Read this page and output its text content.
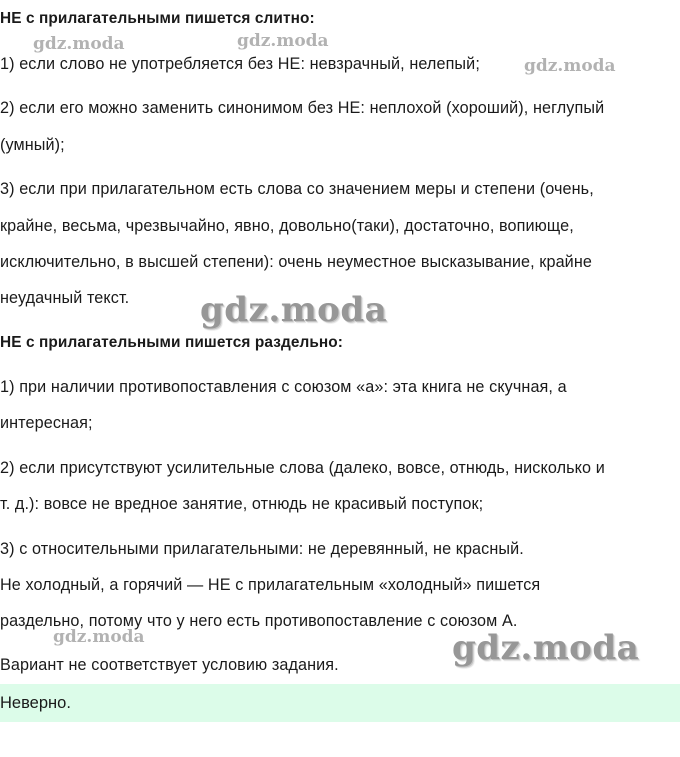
НЕ с прилагательными пишется слитно:
1) если слово не употребляется без НЕ: невзрачный, нелепый;
2) если его можно заменить синонимом без НЕ: неплохой (хороший), неглупый
(умный);
3) если при прилагательном есть слова со значением меры и степени (очень,
крайне, весьма, чрезвычайно, явно, довольно(таки), достаточно, вопиюще,
исключительно, в высшей степени): очень неуместное высказывание, крайне
неудачный текст.
НЕ с прилагательными пишется раздельно:
1) при наличии противопоставления с союзом «а»: эта книга не скучная, а
интересная;
2) если присутствуют усилительные слова (далеко, вовсе, отнюдь, нисколько и
т. д.): вовсе не вредное занятие, отнюдь не красивый поступок;
3) с относительными прилагательными: не деревянный, не красный.
Не холодный, а горячий — НЕ с прилагательным «холодный» пишется
раздельно, потому что у него есть противопоставление с союзом А.
Вариант не соответствует условию задания.
Неверно.
gdz.moda	gdz.moda
gdz.moda
gdz.moda
gdz.moda	gdz.moda
